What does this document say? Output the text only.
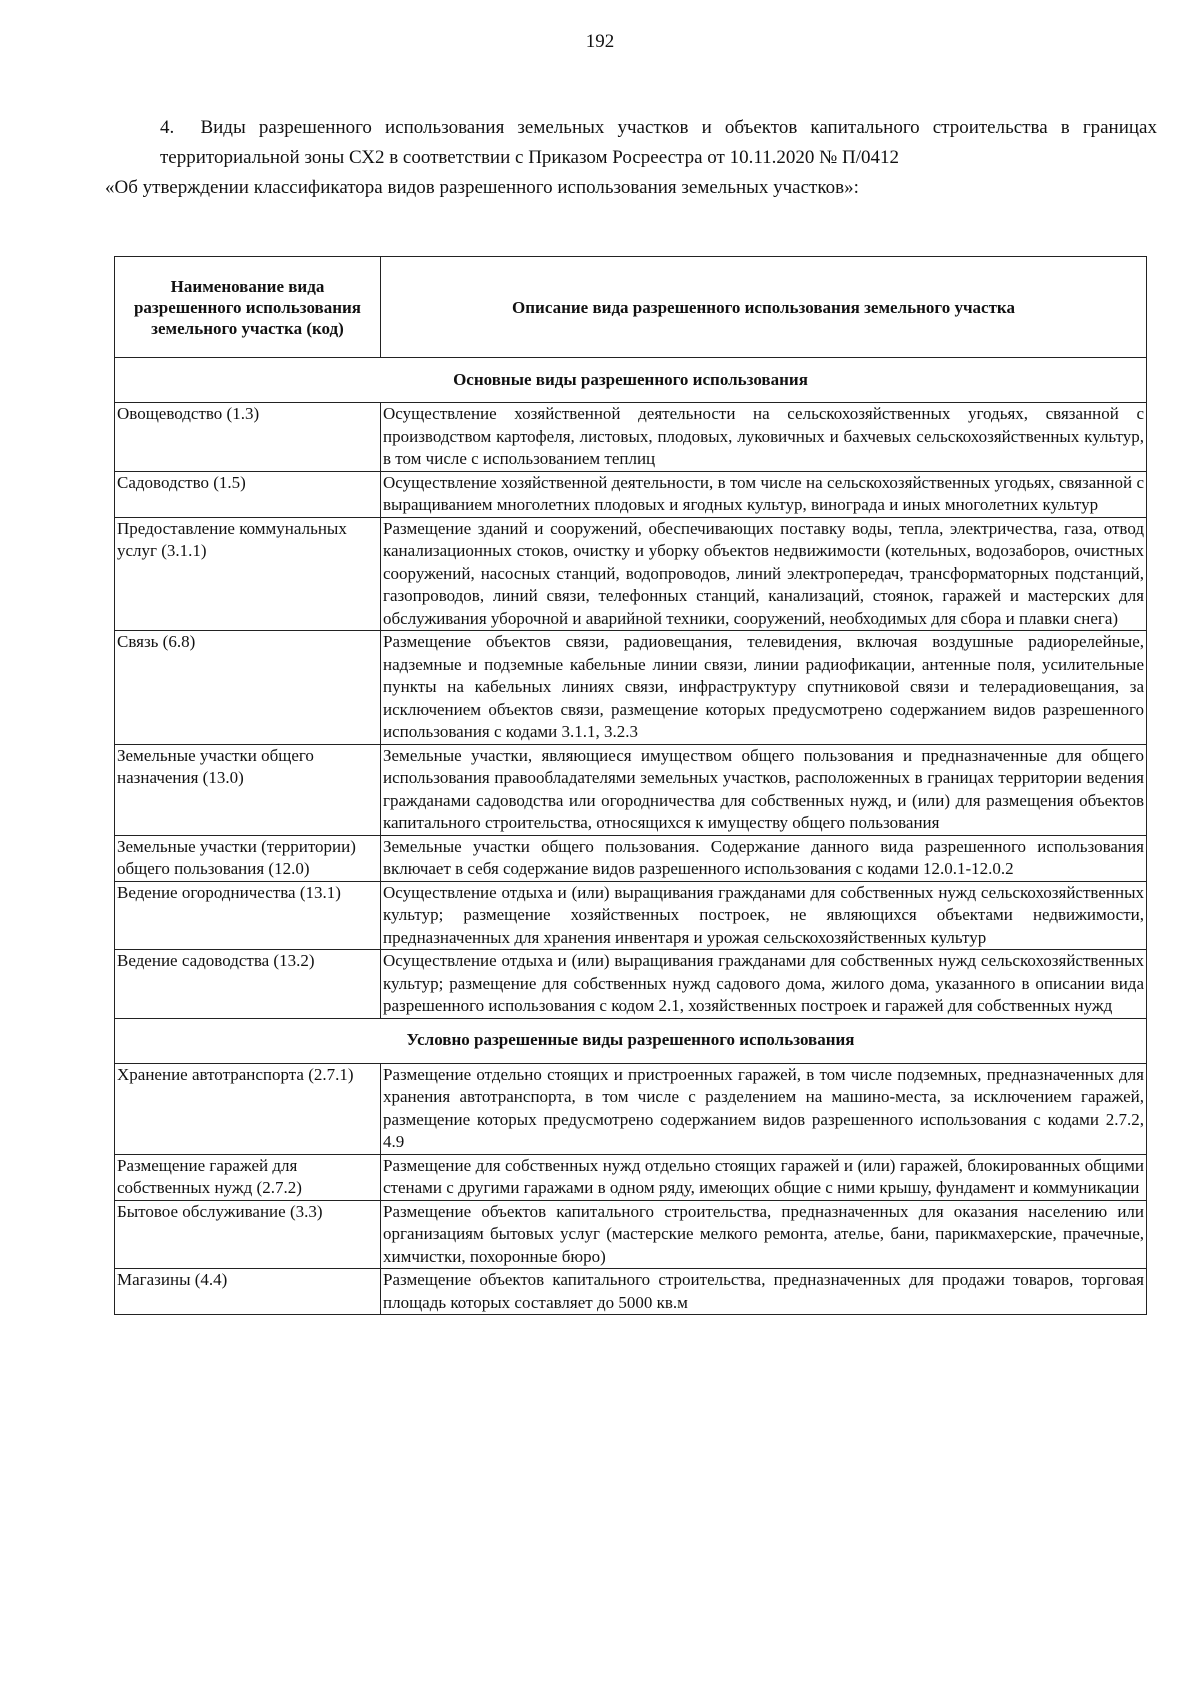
192

4.  Виды разрешенного использования земельных участков и объектов капитального строительства в границах территориальной зоны СХ2 в соответствии с Приказом Росреестра от 10.11.2020 № П/0412

«Об утверждении классификатора видов разрешенного использования земельных участков»:

Наименование вида разрешенного использования земельного участка (код)	Описание вида разрешенного использования земельного участка
Основные виды разрешенного использования	
Овощеводство (1.3)	Осуществление хозяйственной деятельности на сельскохозяйственных угодьях, связанной с производством картофеля, листовых, плодовых, луковичных и бахчевых сельскохозяйственных культур, в том числе с использованием теплиц
Садоводство (1.5)	Осуществление хозяйственной деятельности, в том числе на сельскохозяйственных угодьях, связанной с выращиванием многолетних плодовых и ягодных культур, винограда и иных многолетних культур
Предоставление коммунальных услуг (3.1.1)	Размещение зданий и сооружений, обеспечивающих поставку воды, тепла, электричества, газа, отвод канализационных стоков, очистку и уборку объектов недвижимости (котельных, водозаборов, очистных сооружений, насосных станций, водопроводов, линий электропередач, трансформаторных подстанций, газопроводов, линий связи, телефонных станций, канализаций, стоянок, гаражей и мастерских для обслуживания уборочной и аварийной техники, сооружений, необходимых для сбора и плавки снега)
Связь (6.8)	Размещение объектов связи, радиовещания, телевидения, включая воздушные радиорелейные, надземные и подземные кабельные линии связи, линии радиофикации, антенные поля, усилительные пункты на кабельных линиях связи, инфраструктуру спутниковой связи и телерадиовещания, за исключением объектов связи, размещение которых предусмотрено содержанием видов разрешенного использования с кодами 3.1.1, 3.2.3
Земельные участки общего назначения (13.0)	Земельные участки, являющиеся имуществом общего пользования и предназначенные для общего использования правообладателями земельных участков, расположенных в границах территории ведения гражданами садоводства или огородничества для собственных нужд, и (или) для размещения объектов капитального строительства, относящихся к имуществу общего пользования
Земельные участки (территории) общего пользования (12.0)	Земельные участки общего пользования. Содержание данного вида разрешенного использования включает в себя содержание видов разрешенного использования с кодами 12.0.1-12.0.2
Ведение огородничества (13.1)	Осуществление отдыха и (или) выращивания гражданами для собственных нужд сельскохозяйственных культур; размещение хозяйственных построек, не являющихся объектами недвижимости, предназначенных для хранения инвентаря и урожая сельскохозяйственных культур
Ведение садоводства (13.2)	Осуществление отдыха и (или) выращивания гражданами для собственных нужд сельскохозяйственных культур; размещение для собственных нужд садового дома, жилого дома, указанного в описании вида разрешенного использования с кодом 2.1, хозяйственных построек и гаражей для собственных нужд
Условно разрешенные виды разрешенного использования	
Хранение автотранспорта (2.7.1)	Размещение отдельно стоящих и пристроенных гаражей, в том числе подземных, предназначенных для хранения автотранспорта, в том числе с разделением на машино-места, за исключением гаражей, размещение которых предусмотрено содержанием видов разрешенного использования с кодами 2.7.2, 4.9
Размещение гаражей для собственных нужд (2.7.2)	Размещение для собственных нужд отдельно стоящих гаражей и (или) гаражей, блокированных общими стенами с другими гаражами в одном ряду, имеющих общие с ними крышу, фундамент и коммуникации
Бытовое обслуживание (3.3)	Размещение объектов капитального строительства, предназначенных для оказания населению или организациям бытовых услуг (мастерские мелкого ремонта, ателье, бани, парикмахерские, прачечные, химчистки, похоронные бюро)
Магазины (4.4)	Размещение объектов капитального строительства, предназначенных для продажи товаров, торговая площадь которых составляет до 5000 кв.м
